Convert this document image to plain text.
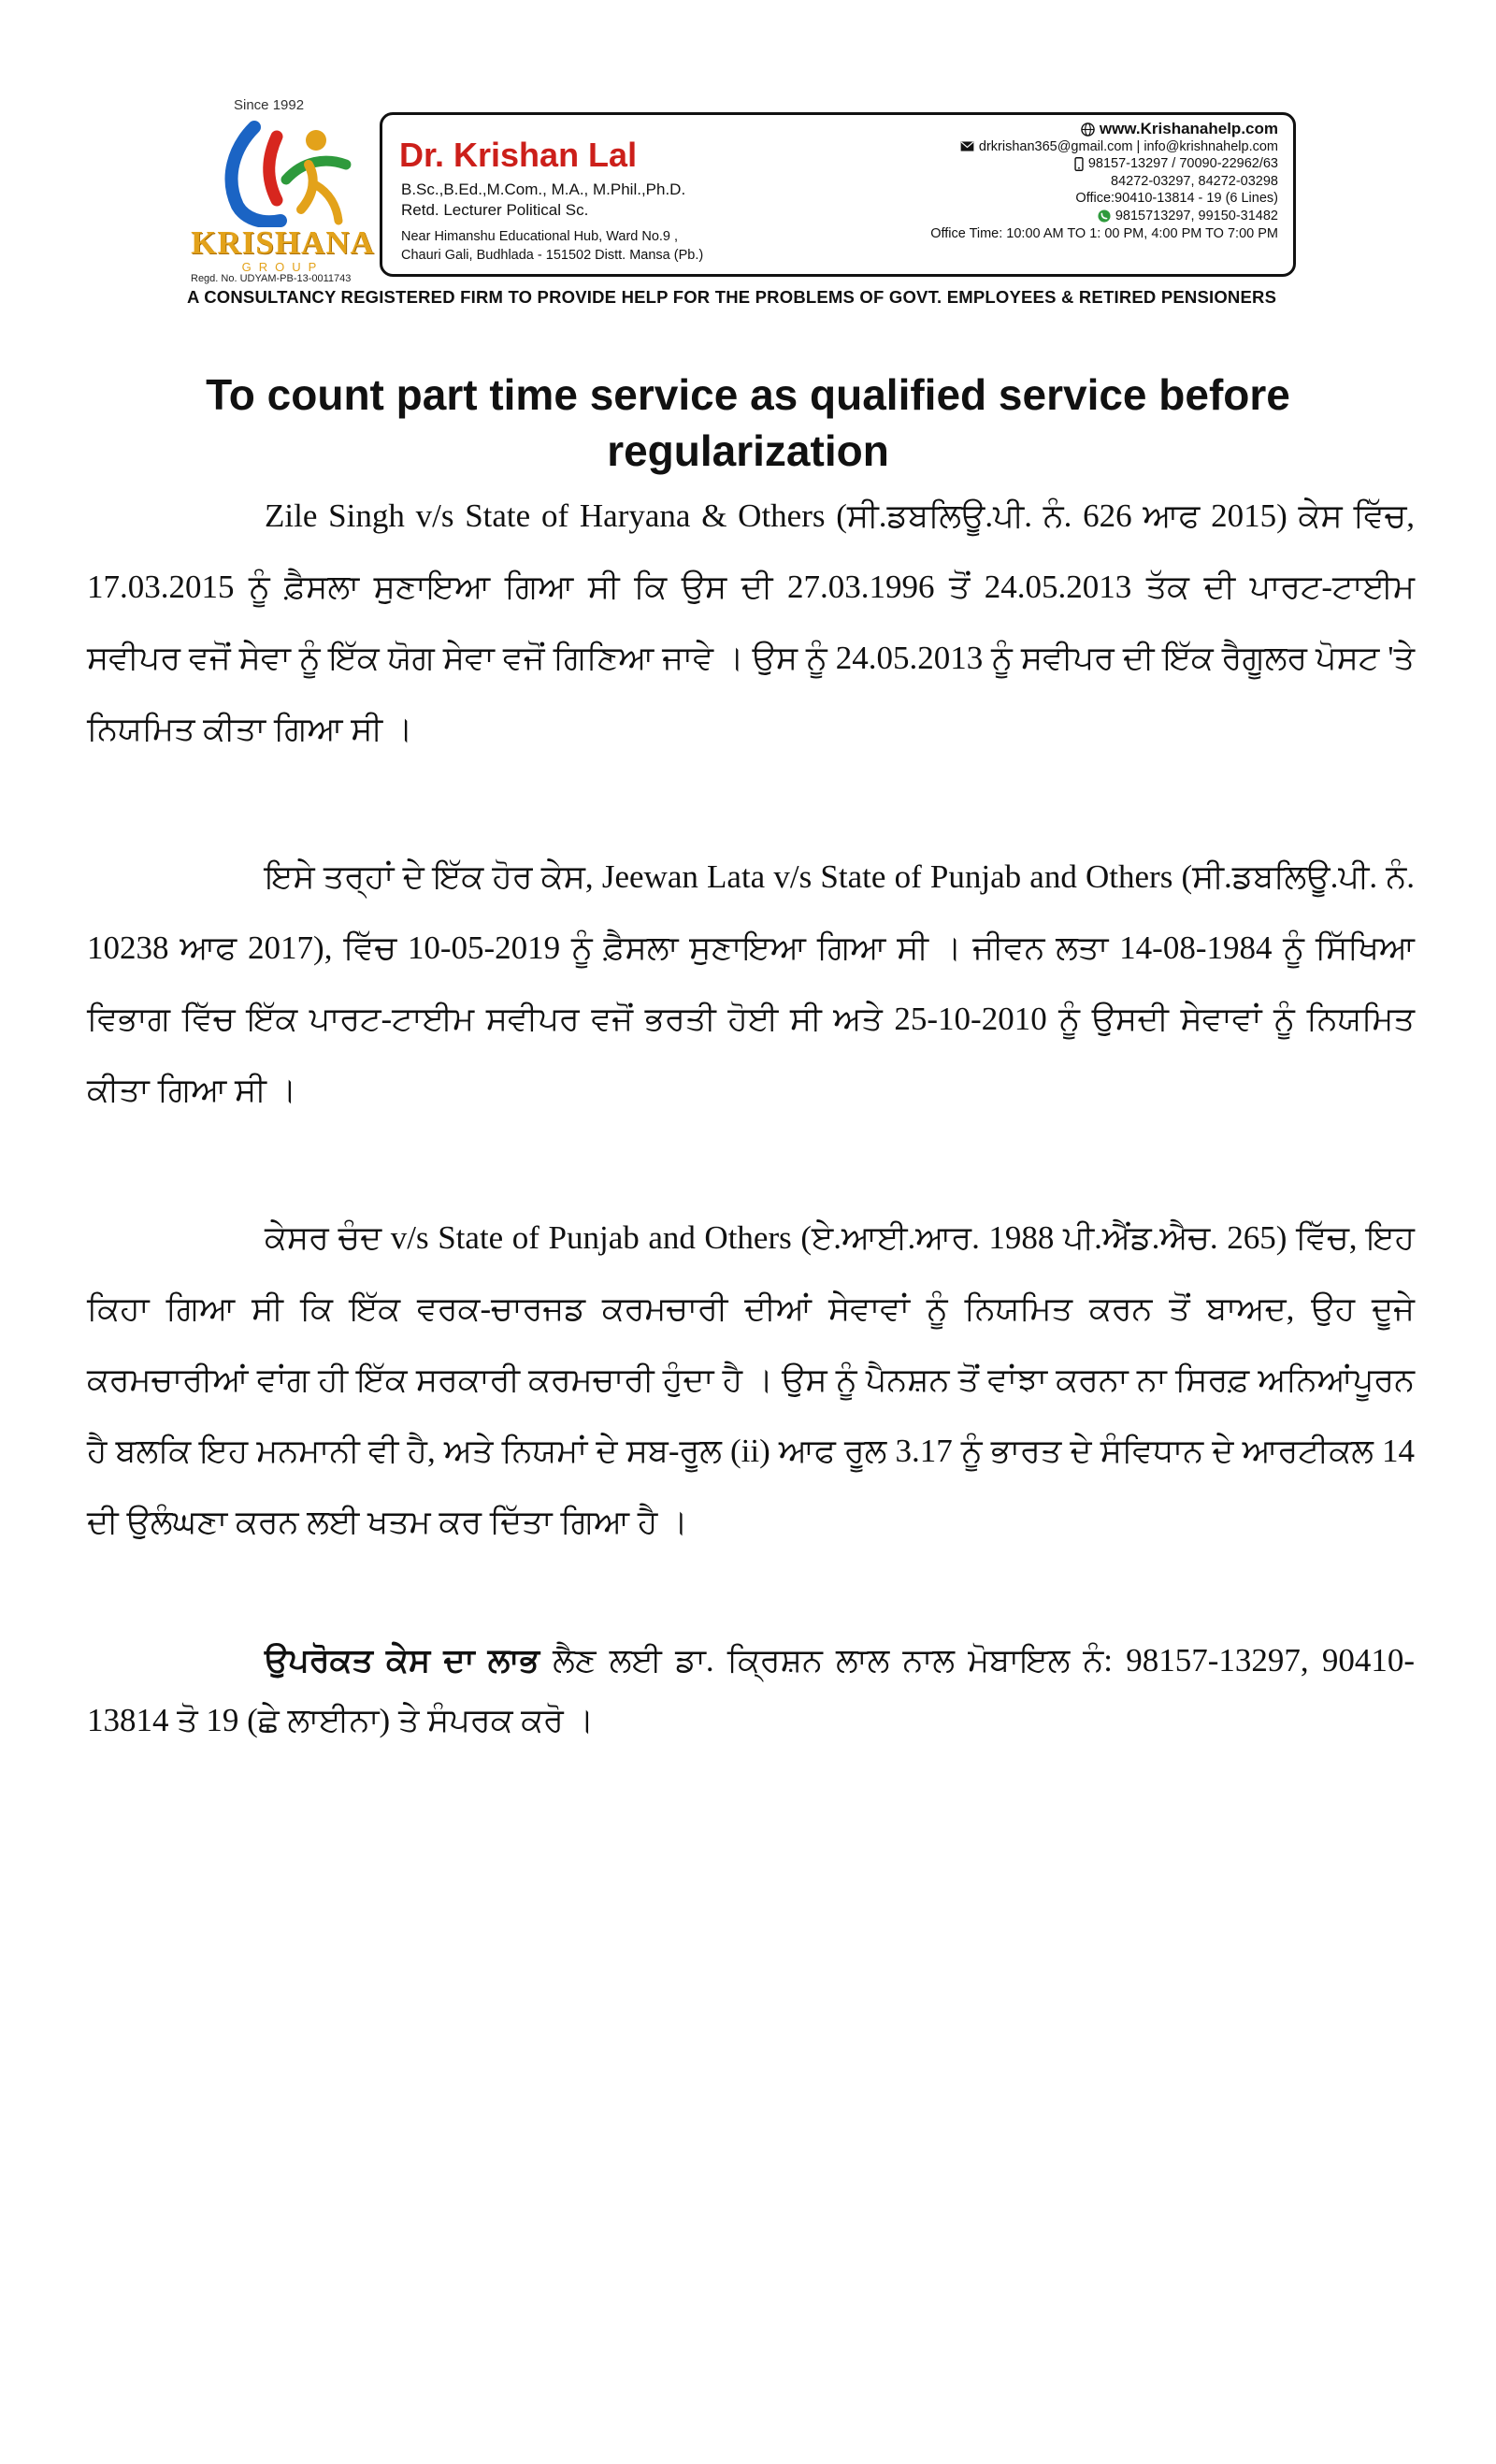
Since 1992
KRISHANA
GROUP
Regd. No. UDYAM-PB-13-0011743
Dr. Krishan Lal
B.Sc.,B.Ed.,M.Com., M.A., M.Phil.,Ph.D.
Retd. Lecturer Political Sc.
Near Himanshu Educational Hub, Ward No.9 ,
Chauri Gali, Budhlada - 151502 Distt. Mansa (Pb.)
www.Krishanahelp.com
drkrishan365@gmail.com | info@krishnahelp.com
98157-13297 / 70090-22962/63
84272-03297, 84272-03298
Office:90410-13814 - 19 (6 Lines)
9815713297, 99150-31482
Office Time: 10:00 AM TO 1: 00 PM, 4:00 PM TO 7:00 PM
A CONSULTANCY REGISTERED FIRM TO PROVIDE HELP FOR THE PROBLEMS OF GOVT. EMPLOYEES & RETIRED PENSIONERS
To count part time service as qualified service before regularization

Zile Singh v/s State of Haryana & Others (ਸੀ.ਡਬਲਿਊ.ਪੀ. ਨੰ. 626 ਆਫ 2015) ਕੇਸ ਵਿੱਚ, 17.03.2015 ਨੂੰ ਫ਼ੈਸਲਾ ਸੁਣਾਇਆ ਗਿਆ ਸੀ ਕਿ ਉਸ ਦੀ 27.03.1996 ਤੋਂ 24.05.2013 ਤੱਕ ਦੀ ਪਾਰਟ-ਟਾਈਮ ਸਵੀਪਰ ਵਜੋਂ ਸੇਵਾ ਨੂੰ ਇੱਕ ਯੋਗ ਸੇਵਾ ਵਜੋਂ ਗਿਣਿਆ ਜਾਵੇ । ਉਸ ਨੂੰ 24.05.2013 ਨੂੰ ਸਵੀਪਰ ਦੀ ਇੱਕ ਰੈਗੂਲਰ ਪੋਸਟ 'ਤੇ ਨਿਯਮਿਤ ਕੀਤਾ ਗਿਆ ਸੀ ।

ਇਸੇ ਤਰ੍ਹਾਂ ਦੇ ਇੱਕ ਹੋਰ ਕੇਸ, Jeewan Lata v/s State of Punjab and Others (ਸੀ.ਡਬਲਿਊ.ਪੀ. ਨੰ. 10238 ਆਫ 2017), ਵਿੱਚ 10-05-2019 ਨੂੰ ਫ਼ੈਸਲਾ ਸੁਣਾਇਆ ਗਿਆ ਸੀ । ਜੀਵਨ ਲਤਾ 14-08-1984 ਨੂੰ ਸਿੱਖਿਆ ਵਿਭਾਗ ਵਿੱਚ ਇੱਕ ਪਾਰਟ-ਟਾਈਮ ਸਵੀਪਰ ਵਜੋਂ ਭਰਤੀ ਹੋਈ ਸੀ ਅਤੇ 25-10-2010 ਨੂੰ ਉਸਦੀ ਸੇਵਾਵਾਂ ਨੂੰ ਨਿਯਮਿਤ ਕੀਤਾ ਗਿਆ ਸੀ ।

ਕੇਸਰ ਚੰਦ v/s State of Punjab and Others (ਏ.ਆਈ.ਆਰ. 1988 ਪੀ.ਐਂਡ.ਐਚ. 265) ਵਿੱਚ, ਇਹ ਕਿਹਾ ਗਿਆ ਸੀ ਕਿ ਇੱਕ ਵਰਕ-ਚਾਰਜਡ ਕਰਮਚਾਰੀ ਦੀਆਂ ਸੇਵਾਵਾਂ ਨੂੰ ਨਿਯਮਿਤ ਕਰਨ ਤੋਂ ਬਾਅਦ, ਉਹ ਦੂਜੇ ਕਰਮਚਾਰੀਆਂ ਵਾਂਗ ਹੀ ਇੱਕ ਸਰਕਾਰੀ ਕਰਮਚਾਰੀ ਹੁੰਦਾ ਹੈ । ਉਸ ਨੂੰ ਪੈਨਸ਼ਨ ਤੋਂ ਵਾਂਝਾ ਕਰਨਾ ਨਾ ਸਿਰਫ਼ ਅਨਿਆਂਪੂਰਨ ਹੈ ਬਲਕਿ ਇਹ ਮਨਮਾਨੀ ਵੀ ਹੈ, ਅਤੇ ਨਿਯਮਾਂ ਦੇ ਸਬ-ਰੂਲ (ii) ਆਫ ਰੂਲ 3.17 ਨੂੰ ਭਾਰਤ ਦੇ ਸੰਵਿਧਾਨ ਦੇ ਆਰਟੀਕਲ 14 ਦੀ ਉਲੰਘਣਾ ਕਰਨ ਲਈ ਖਤਮ ਕਰ ਦਿੱਤਾ ਗਿਆ ਹੈ ।

ਉਪਰੋਕਤ ਕੇਸ ਦਾ ਲਾਭ ਲੈਣ ਲਈ ਡਾ. ਕ੍ਰਿਸ਼ਨ ਲਾਲ ਨਾਲ ਮੋਬਾਇਲ ਨੰ: 98157-13297, 90410-13814 ਤੋ 19 (ਛੇ ਲਾਈਨਾ) ਤੇ ਸੰਪਰਕ ਕਰੋ ।
